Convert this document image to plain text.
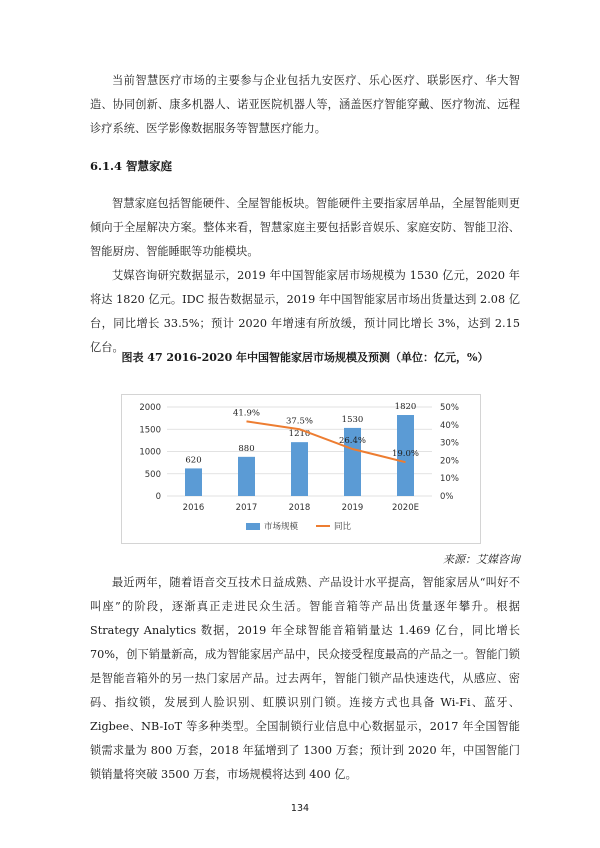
当前智慧医疗市场的主要参与企业包括九安医疗、乐心医疗、联影医疗、华大智造、协同创新、康多机器人、诺亚医院机器人等，涵盖医疗智能穿戴、医疗物流、远程诊疗系统、医学影像数据服务等智慧医疗能力。

6.1.4 智慧家庭

智慧家庭包括智能硬件、全屋智能板块。智能硬件主要指家居单品，全屋智能则更倾向于全屋解决方案。整体来看，智慧家庭主要包括影音娱乐、家庭安防、智能卫浴、智能厨房、智能睡眠等功能模块。

艾媒咨询研究数据显示，2019 年中国智能家居市场规模为 1530 亿元，2020 年将达 1820 亿元。IDC 报告数据显示，2019 年中国智能家居市场出货量达到 2.08 亿台，同比增长 33.5%；预计 2020 年增速有所放缓，预计同比增长 3%，达到 2.15 亿台。

图表 47 2016-2020 年中国智能家居市场规模及预测（单位：亿元，%）
0
500
1000
1500
2000
0%
10%
20%
30%
40%
50%
620
880
1210
1530
1820
2016	2017	2018	2019	2020E
41.9%
37.5%
26.4%
19.0%
市场规模	同比
来源：艾媒咨询

最近两年，随着语音交互技术日益成熟、产品设计水平提高，智能家居从“叫好不叫座”的阶段，逐渐真正走进民众生活。智能音箱等产品出货量逐年攀升。根据 Strategy Analytics 数据，2019 年全球智能音箱销量达 1.469 亿台，同比增长 70%，创下销量新高，成为智能家居产品中，民众接受程度最高的产品之一。智能门锁是智能音箱外的另一热门家居产品。过去两年，智能门锁产品快速迭代，从感应、密码、指纹锁，发展到人脸识别、虹膜识别门锁。连接方式也具备 Wi-Fi、蓝牙、Zigbee、NB-IoT 等多种类型。全国制锁行业信息中心数据显示，2017 年全国智能锁需求量为 800 万套，2018 年猛增到了 1300 万套；预计到 2020 年，中国智能门锁销量将突破 3500 万套，市场规模将达到 400 亿。

134
